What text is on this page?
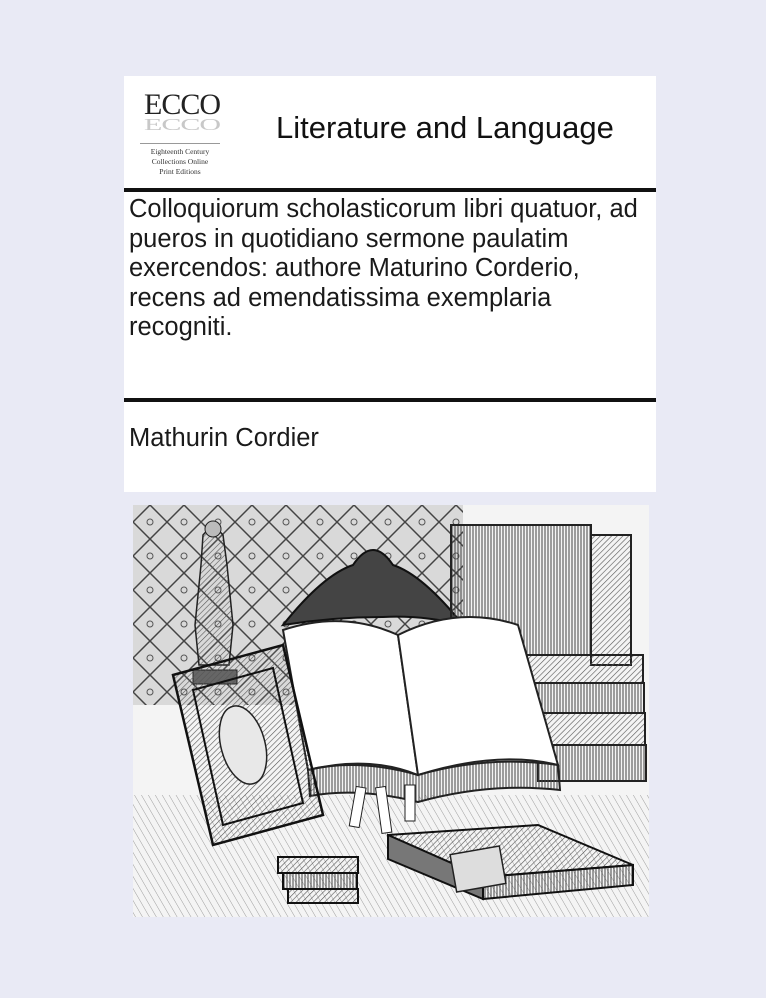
ECCO
ECCO
Eighteenth Century
Collections Online
Print Editions
Literature and Language
Colloquiorum scholasticorum libri quatuor, ad pueros in quotidiano sermone paulatim exercendos: authore Maturino Corderio, recens ad emendatissima exemplaria recogniti.
Mathurin Cordier
